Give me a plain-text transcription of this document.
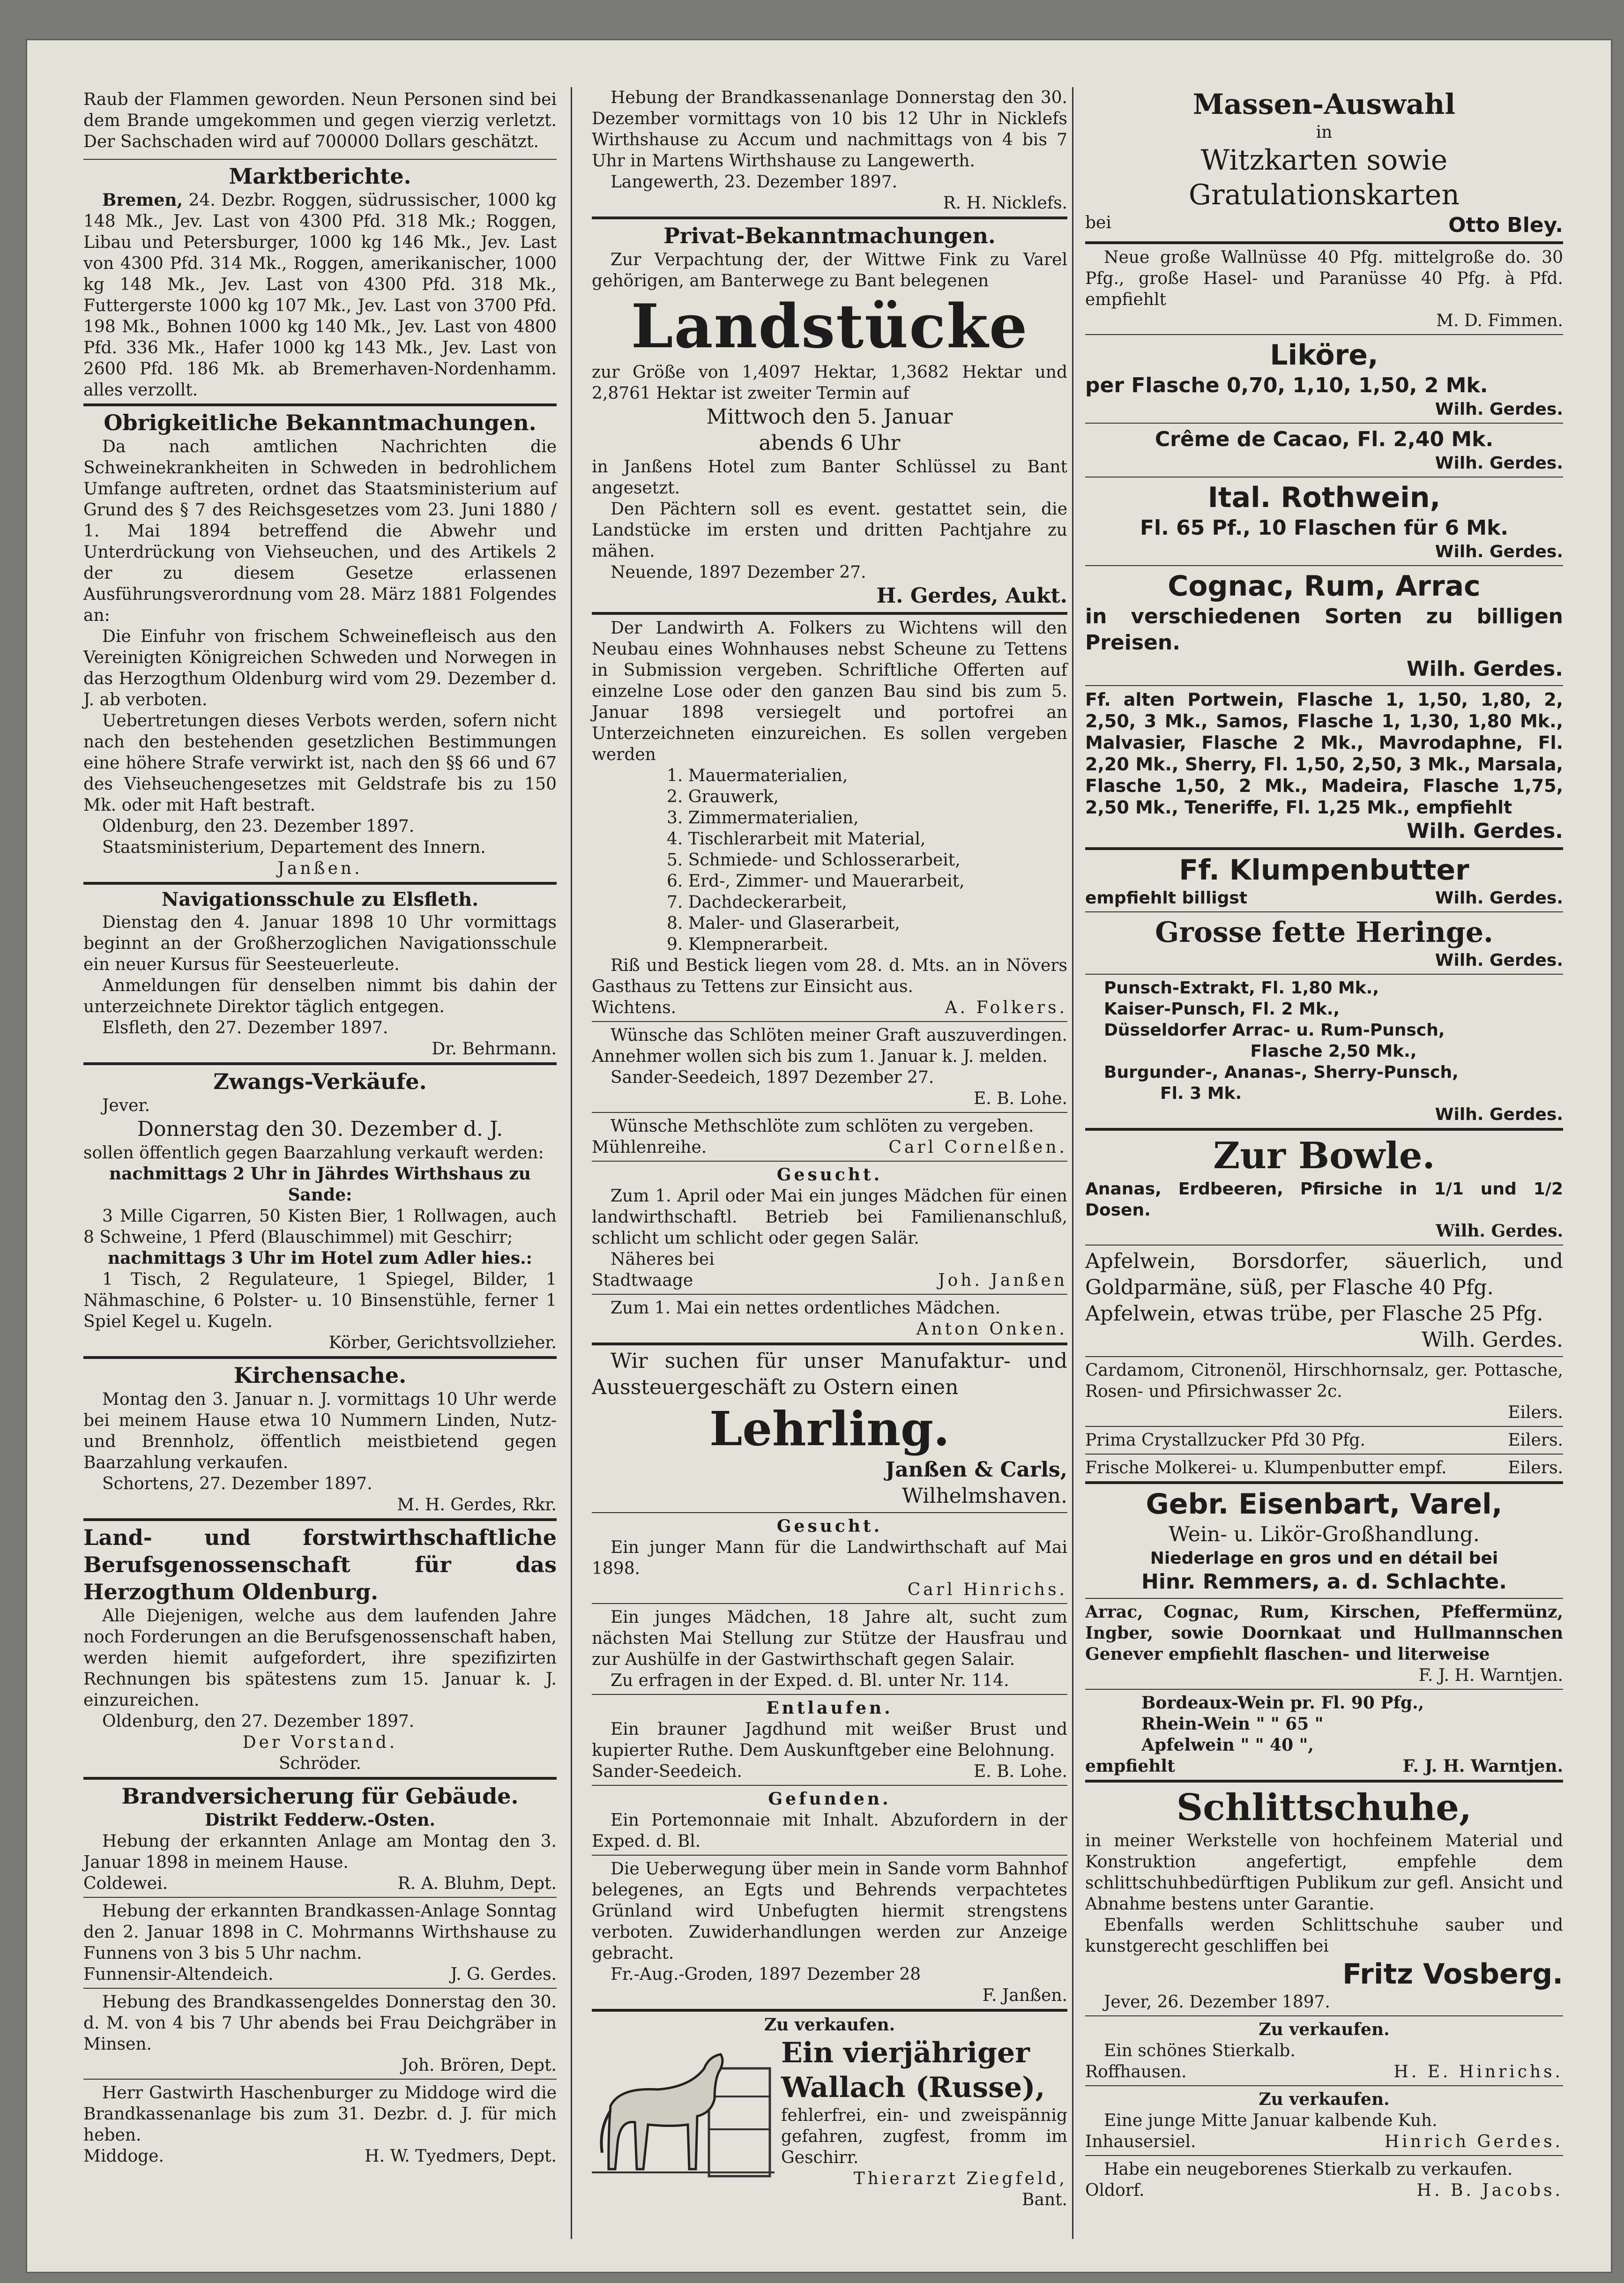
Raub der Flammen geworden. Neun Personen sind bei dem Brande umgekommen und gegen vierzig verletzt. Der Sachschaden wird auf 700000 Dollars geschätzt.

Marktberichte.

Bremen, 24. Dezbr. Roggen, südrussischer, 1000 kg 148 Mk., Jev. Last von 4300 Pfd. 318 Mk.; Roggen, Libau und Petersburger, 1000 kg 146 Mk., Jev. Last von 4300 Pfd. 314 Mk., Roggen, amerikanischer, 1000 kg 148 Mk., Jev. Last von 4300 Pfd. 318 Mk., Futtergerste 1000 kg 107 Mk., Jev. Last von 3700 Pfd. 198 Mk., Bohnen 1000 kg 140 Mk., Jev. Last von 4800 Pfd. 336 Mk., Hafer 1000 kg 143 Mk., Jev. Last von 2600 Pfd. 186 Mk. ab Bremerhaven-Nordenhamm. alles verzollt.

Obrigkeitliche Bekanntmachungen.

Da nach amtlichen Nachrichten die Schweinekrankheiten in Schweden in bedrohlichem Umfange auftreten, ordnet das Staatsministerium auf Grund des § 7 des Reichsgesetzes vom 23. Juni 1880 / 1. Mai 1894 betreffend die Abwehr und Unterdrückung von Viehseuchen, und des Artikels 2 der zu diesem Gesetze erlassenen Ausführungsverordnung vom 28. März 1881 Folgendes an:

Die Einfuhr von frischem Schweinefleisch aus den Vereinigten Königreichen Schweden und Norwegen in das Herzogthum Oldenburg wird vom 29. Dezember d. J. ab verboten.

Uebertretungen dieses Verbots werden, sofern nicht nach den bestehenden gesetzlichen Bestimmungen eine höhere Strafe verwirkt ist, nach den §§ 66 und 67 des Viehseuchengesetzes mit Geldstrafe bis zu 150 Mk. oder mit Haft bestraft.

Oldenburg, den 23. Dezember 1897.

Staatsministerium, Departement des Innern.

Janßen.

Navigationsschule zu Elsfleth.

Dienstag den 4. Januar 1898 10 Uhr vormittags beginnt an der Großherzoglichen Navigationsschule ein neuer Kursus für Seesteuerleute.

Anmeldungen für denselben nimmt bis dahin der unterzeichnete Direktor täglich entgegen.

Elsfleth, den 27. Dezember 1897.

Dr. Behrmann.

Zwangs-Verkäufe.

Jever.

Donnerstag den 30. Dezember d. J.

sollen öffentlich gegen Baarzahlung verkauft werden:

nachmittags 2 Uhr in Jährdes Wirthshaus zu Sande:

3 Mille Cigarren, 50 Kisten Bier, 1 Rollwagen, auch 8 Schweine, 1 Pferd (Blauschimmel) mit Geschirr;

nachmittags 3 Uhr im Hotel zum Adler hies.:

1 Tisch, 2 Regulateure, 1 Spiegel, Bilder, 1 Nähmaschine, 6 Polster- u. 10 Binsenstühle, ferner 1 Spiel Kegel u. Kugeln.

Körber, Gerichtsvollzieher.

Kirchensache.

Montag den 3. Januar n. J. vormittags 10 Uhr werde bei meinem Hause etwa 10 Nummern Linden, Nutz- und Brennholz, öffentlich meistbietend gegen Baarzahlung verkaufen.

Schortens, 27. Dezember 1897.

M. H. Gerdes, Rkr.

Land- und forstwirthschaftliche Berufsgenossenschaft für das Herzogthum Oldenburg.

Alle Diejenigen, welche aus dem laufenden Jahre noch Forderungen an die Berufsgenossenschaft haben, werden hiemit aufgefordert, ihre spezifizirten Rechnungen bis spätestens zum 15. Januar k. J. einzureichen.

Oldenburg, den 27. Dezember 1897.

Der Vorstand.

Schröder.

Brandversicherung für Gebäude.

Distrikt Fedderw.-Osten.

Hebung der erkannten Anlage am Montag den 3. Januar 1898 in meinem Hause.

Coldewei.	R. A. Bluhm, Dept.

Hebung der erkannten Brandkassen-Anlage Sonntag den 2. Januar 1898 in C. Mohrmanns Wirthshause zu Funnens von 3 bis 5 Uhr nachm.

Funnensir-Altendeich.	J. G. Gerdes.

Hebung des Brandkassengeldes Donnerstag den 30. d. M. von 4 bis 7 Uhr abends bei Frau Deichgräber in Minsen.

Joh. Brören, Dept.

Herr Gastwirth Haschenburger zu Middoge wird die Brandkassenanlage bis zum 31. Dezbr. d. J. für mich heben.

Middoge.	H. W. Tyedmers, Dept.

Hebung der Brandkassenanlage Donnerstag den 30. Dezember vormittags von 10 bis 12 Uhr in Nicklefs Wirthshause zu Accum und nachmittags von 4 bis 7 Uhr in Martens Wirthshause zu Langewerth.

Langewerth, 23. Dezember 1897.

R. H. Nicklefs.

Privat-Bekanntmachungen.

Zur Verpachtung der, der Wittwe Fink zu Varel gehörigen, am Banterwege zu Bant belegenen

Landstücke

zur Größe von 1,4097 Hektar, 1,3682 Hektar und 2,8761 Hektar ist zweiter Termin auf

Mittwoch den 5. Januar

abends 6 Uhr

in Janßens Hotel zum Banter Schlüssel zu Bant angesetzt.

Den Pächtern soll es event. gestattet sein, die Landstücke im ersten und dritten Pachtjahre zu mähen.

Neuende, 1897 Dezember 27.

H. Gerdes, Aukt.

Der Landwirth A. Folkers zu Wichtens will den Neubau eines Wohnhauses nebst Scheune zu Tettens in Submission vergeben. Schriftliche Offerten auf einzelne Lose oder den ganzen Bau sind bis zum 5. Januar 1898 versiegelt und portofrei an Unterzeichneten einzureichen. Es sollen vergeben werden

1. Mauermaterialien,

2. Grauwerk,

3. Zimmermaterialien,

4. Tischlerarbeit mit Material,

5. Schmiede- und Schlosserarbeit,

6. Erd-, Zimmer- und Mauerarbeit,

7. Dachdeckerarbeit,

8. Maler- und Glaserarbeit,

9. Klempnerarbeit.

Riß und Bestick liegen vom 28. d. Mts. an in Növers Gasthaus zu Tettens zur Einsicht aus.

Wichtens.	A. Folkers.

Wünsche das Schlöten meiner Graft auszuverdingen. Annehmer wollen sich bis zum 1. Januar k. J. melden.

Sander-Seedeich, 1897 Dezember 27.

E. B. Lohe.

Wünsche Methschlöte zum schlöten zu vergeben.

Mühlenreihe.	Carl Cornelßen.

Gesucht.

Zum 1. April oder Mai ein junges Mädchen für einen landwirthschaftl. Betrieb bei Familienanschluß, schlicht um schlicht oder gegen Salär.

Näheres bei

Stadtwaage	Joh. Janßen

Zum 1. Mai ein nettes ordentliches Mädchen.

Anton Onken.

Wir suchen für unser Manufaktur- und Aussteuergeschäft zu Ostern einen

Lehrling.

Janßen & Carls,

Wilhelmshaven.

Gesucht.

Ein junger Mann für die Landwirthschaft auf Mai 1898.

Carl Hinrichs.

Ein junges Mädchen, 18 Jahre alt, sucht zum nächsten Mai Stellung zur Stütze der Hausfrau und zur Aushülfe in der Gastwirthschaft gegen Salair.

Zu erfragen in der Exped. d. Bl. unter Nr. 114.

Entlaufen.

Ein brauner Jagdhund mit weißer Brust und kupierter Ruthe. Dem Auskunftgeber eine Belohnung.

Sander-Seedeich.	E. B. Lohe.

Gefunden.

Ein Portemonnaie mit Inhalt. Abzufordern in der Exped. d. Bl.

Die Ueberwegung über mein in Sande vorm Bahnhof belegenes, an Egts und Behrends verpachtetes Grünland wird Unbefugten hiermit strengstens verboten. Zuwiderhandlungen werden zur Anzeige gebracht.

Fr.-Aug.-Groden, 1897 Dezember 28

F. Janßen.

Zu verkaufen.

Ein vierjähriger Wallach (Russe),

fehlerfrei, ein- und zweispännig gefahren, zugfest, fromm im Geschirr.

Thierarzt Ziegfeld,

Bant.

Massen-Auswahl
in
Witzkarten sowie Gratulationskarten
bei	Otto Bley.

Neue große Wallnüsse 40 Pfg. mittelgroße do. 30 Pfg., große Hasel- und Paranüsse 40 Pfg. à Pfd. empfiehlt

M. D. Fimmen.

Liköre,

per Flasche 0,70, 1,10, 1,50, 2 Mk.

Wilh. Gerdes.

Crême de Cacao, Fl. 2,40 Mk.

Wilh. Gerdes.

Ital. Rothwein,

Fl. 65 Pf., 10 Flaschen für 6 Mk.

Wilh. Gerdes.

Cognac, Rum, Arrac

in verschiedenen Sorten zu billigen Preisen.

Wilh. Gerdes.

Ff. alten Portwein, Flasche 1, 1,50, 1,80, 2, 2,50, 3 Mk., Samos, Flasche 1, 1,30, 1,80 Mk., Malvasier, Flasche 2 Mk., Mavrodaphne, Fl. 2,20 Mk., Sherry, Fl. 1,50, 2,50, 3 Mk., Marsala, Flasche 1,50, 2 Mk., Madeira, Flasche 1,75, 2,50 Mk., Teneriffe, Fl. 1,25 Mk., empfiehlt

Wilh. Gerdes.

Ff. Klumpenbutter
empfiehlt billigst	Wilh. Gerdes.
Grosse fette Heringe.

Wilh. Gerdes.

Punsch-Extrakt, Fl. 1,80 Mk.,

Kaiser-Punsch, Fl. 2 Mk.,

Düsseldorfer Arrac- u. Rum-Punsch,

Flasche 2,50 Mk.,

Burgunder-, Ananas-, Sherry-Punsch,

Fl. 3 Mk.

Wilh. Gerdes.

Zur Bowle.

Ananas, Erdbeeren, Pfirsiche in 1/1 und 1/2 Dosen.

Wilh. Gerdes.

Apfelwein, Borsdorfer, säuerlich, und Goldparmäne, süß, per Flasche 40 Pfg.

Apfelwein, etwas trübe, per Flasche 25 Pfg.

Wilh. Gerdes.

Cardamom, Citronenöl, Hirschhornsalz, ger. Pottasche, Rosen- und Pfirsichwasser 2c.

Eilers.

Prima Crystallzucker Pfd 30 Pfg.	Eilers.
Frische Molkerei- u. Klumpenbutter empf.	Eilers.
Gebr. Eisenbart, Varel,
Wein- u. Likör-Großhandlung.

Niederlage en gros und en détail bei

Hinr. Remmers, a. d. Schlachte.

Arrac, Cognac, Rum, Kirschen, Pfeffermünz, Ingber, sowie Doornkaat und Hullmannschen Genever empfiehlt flaschen- und literweise

F. J. H. Warntjen.

Bordeaux-Wein pr. Fl. 90 Pfg.,

Rhein-Wein " " 65 "

Apfelwein " " 40 ",

empfiehlt	F. J. H. Warntjen.
Schlittschuhe,

in meiner Werkstelle von hochfeinem Material und Konstruktion angefertigt, empfehle dem schlittschuhbedürftigen Publikum zur gefl. Ansicht und Abnahme bestens unter Garantie.

Ebenfalls werden Schlittschuhe sauber und kunstgerecht geschliffen bei

Fritz Vosberg.

Jever, 26. Dezember 1897.

Zu verkaufen.

Ein schönes Stierkalb.

Roffhausen.	H. E. Hinrichs.

Zu verkaufen.

Eine junge Mitte Januar kalbende Kuh.

Inhausersiel.	Hinrich Gerdes.

Habe ein neugeborenes Stierkalb zu verkaufen.

Oldorf.	H. B. Jacobs.
